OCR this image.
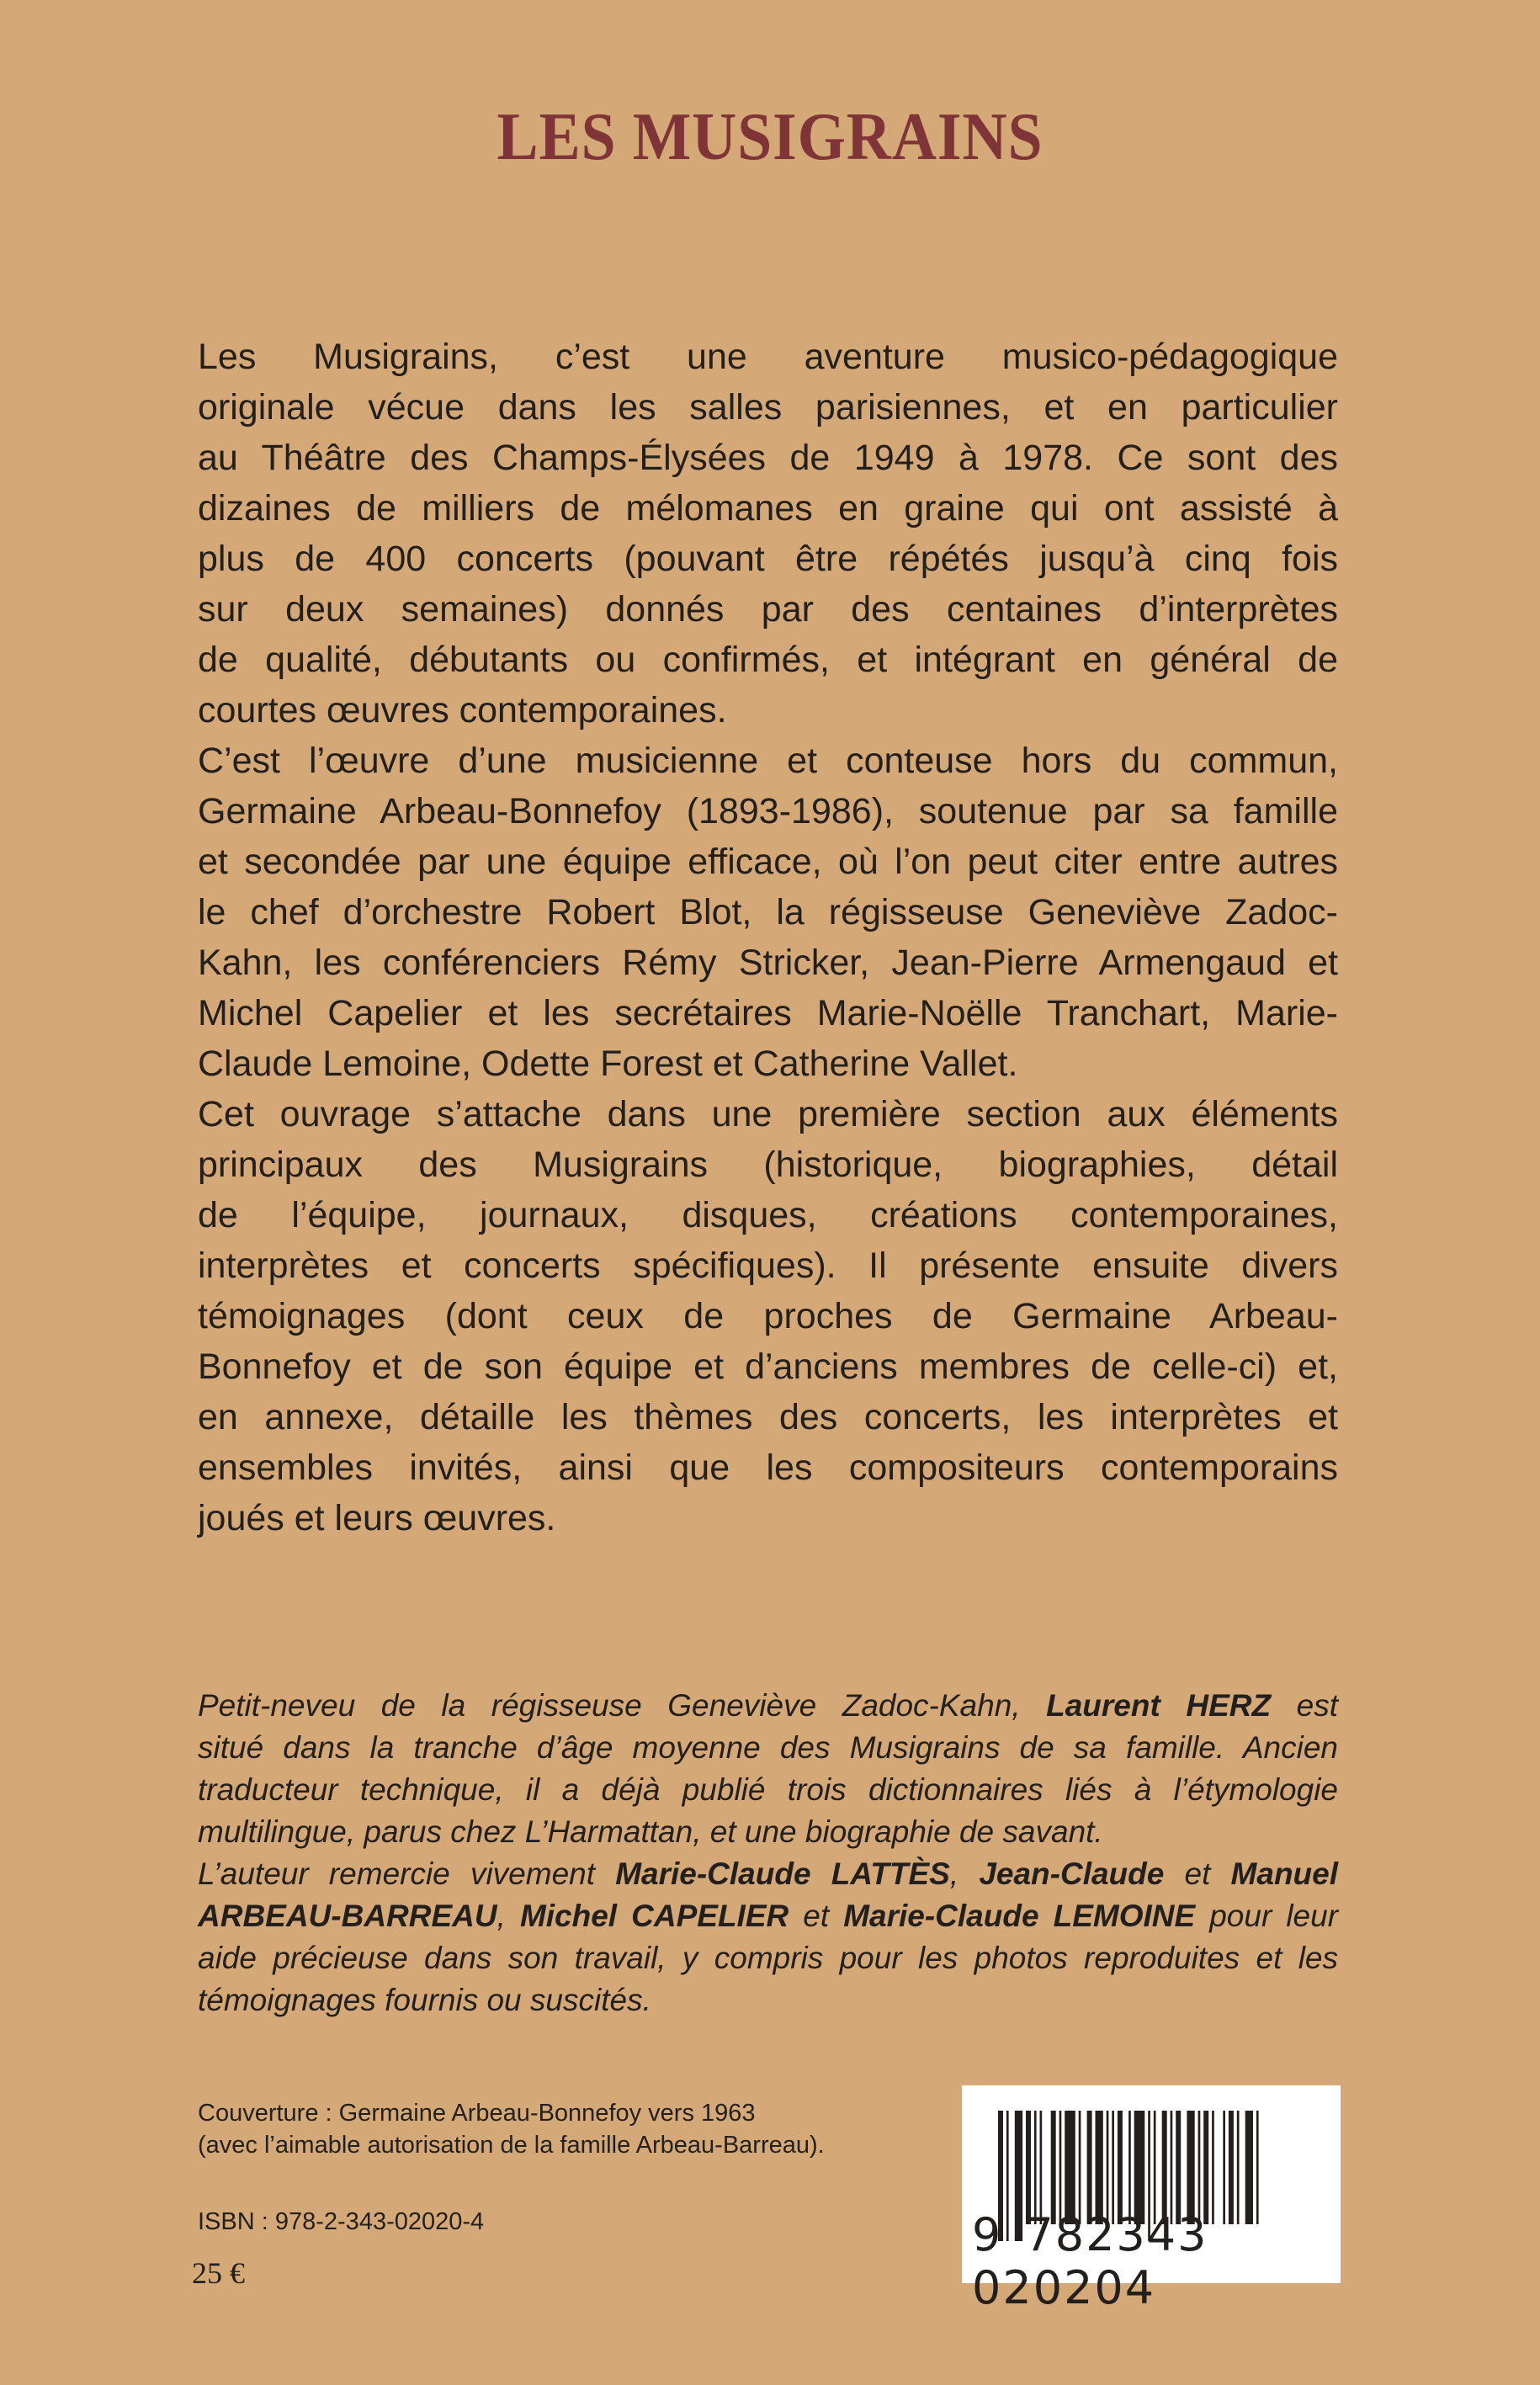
LES MUSIGRAINS
Les Musigrains, c’est une aventure musico-pédagogique
originale vécue dans les salles parisiennes, et en particulier
au Théâtre des Champs-Élysées de 1949 à 1978. Ce sont des
dizaines de milliers de mélomanes en graine qui ont assisté à
plus de 400 concerts (pouvant être répétés jusqu’à cinq fois
sur deux semaines) donnés par des centaines d’interprètes
de qualité, débutants ou confirmés, et intégrant en général de
courtes œuvres contemporaines.
C’est l’œuvre d’une musicienne et conteuse hors du commun,
Germaine Arbeau-Bonnefoy (1893-1986), soutenue par sa famille
et secondée par une équipe efficace, où l’on peut citer entre autres
le chef d’orchestre Robert Blot, la régisseuse Geneviève Zadoc-
Kahn, les conférenciers Rémy Stricker, Jean-Pierre Armengaud et
Michel Capelier et les secrétaires Marie-Noëlle Tranchart, Marie-
Claude Lemoine, Odette Forest et Catherine Vallet.
Cet ouvrage s’attache dans une première section aux éléments
principaux des Musigrains (historique, biographies, détail
de l’équipe, journaux, disques, créations contemporaines,
interprètes et concerts spécifiques). Il présente ensuite divers
témoignages (dont ceux de proches de Germaine Arbeau-
Bonnefoy et de son équipe et d’anciens membres de celle-ci) et,
en annexe, détaille les thèmes des concerts, les interprètes et
ensembles invités, ainsi que les compositeurs contemporains
joués et leurs œuvres.
Petit-neveu de la régisseuse Geneviève Zadoc-Kahn, Laurent HERZ est
situé dans la tranche d’âge moyenne des Musigrains de sa famille. Ancien
traducteur technique, il a déjà publié trois dictionnaires liés à l’étymologie
multilingue, parus chez L’Harmattan, et une biographie de savant.
L’auteur remercie vivement Marie-Claude LATTÈS, Jean-Claude et Manuel
ARBEAU-BARREAU, Michel CAPELIER et Marie-Claude LEMOINE pour leur
aide précieuse dans son travail, y compris pour les photos reproduites et les
témoignages fournis ou suscités.
Couverture : Germaine Arbeau-Bonnefoy vers 1963
(avec l’aimable autorisation de la famille Arbeau-Barreau).
ISBN : 978-2-343-02020-4
25 €
9 782343020204
